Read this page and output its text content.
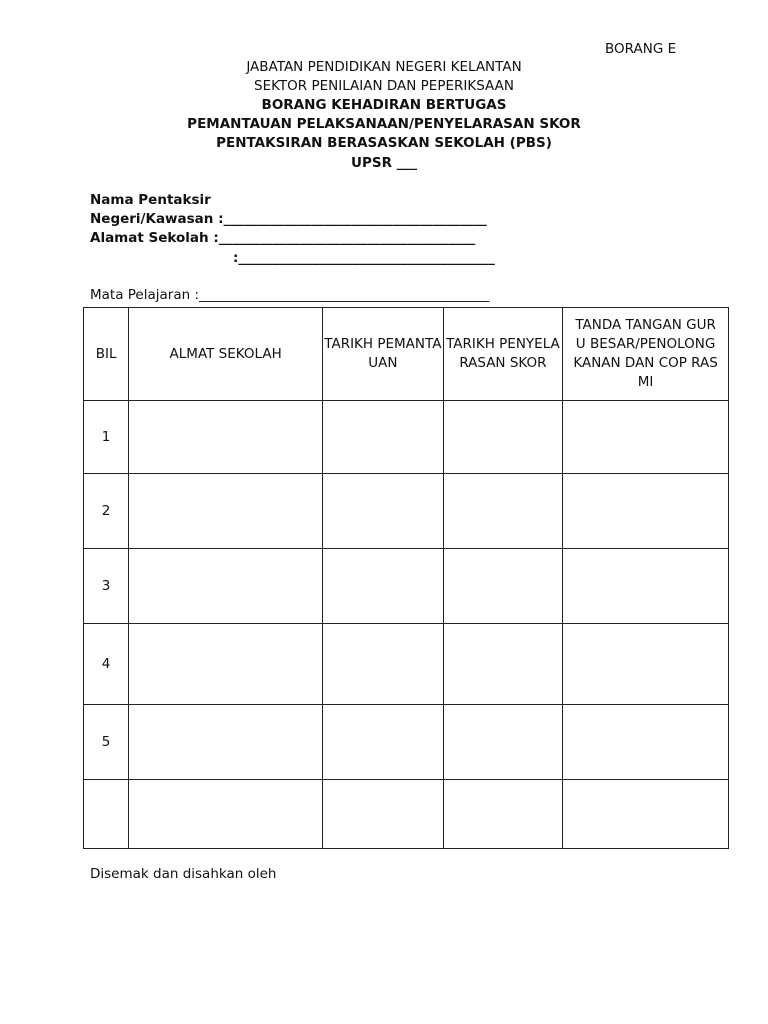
BORANG E
JABATAN PENDIDIKAN NEGERI KELANTAN
SEKTOR PENILAIAN DAN PEPERIKSAAN
BORANG KEHADIRAN BERTUGAS
PEMANTAUAN PELAKSANAAN/PENYELARASAN SKOR
PENTAKSIRAN BERASASKAN SEKOLAH (PBS)
UPSR ___
Nama Pentaksir
Negeri/Kawasan :_______________________________________
Alamat Sekolah :______________________________________
:______________________________________
Mata Pelajaran :___________________________________________
BIL	ALMAT SEKOLAH	TARIKH PEMANTAUAN	TARIKH PENYELARASAN SKOR	TANDA TANGAN GURU BESAR/PENOLONG KANAN DAN COP RASMI
1				
2				
3				
4				
5				

Disemak dan disahkan oleh
